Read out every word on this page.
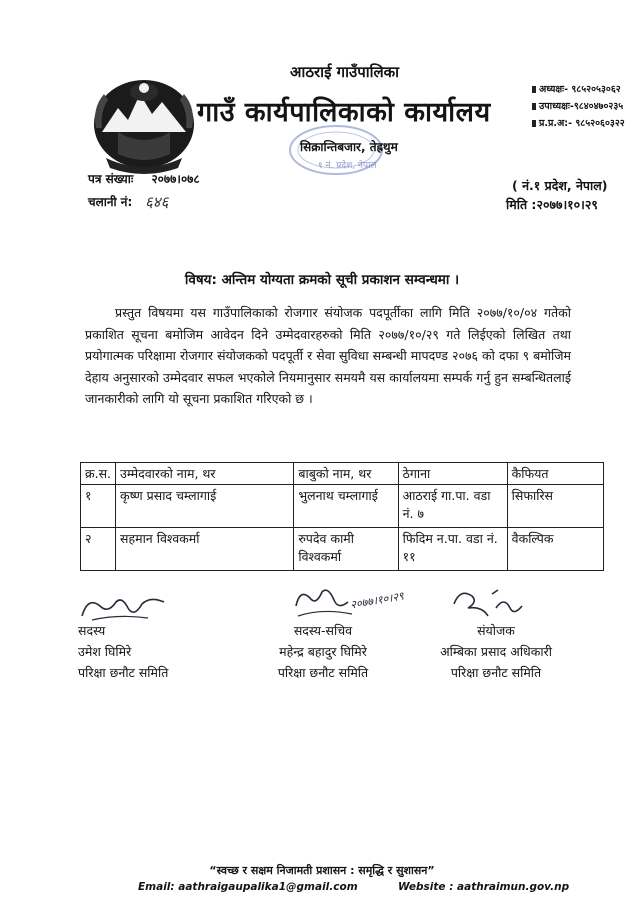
१ नं. प्रदेश, नेपाल
आठराई गाउँपालिका
गाउँ कार्यपालिकाको कार्यालय
सिक्रान्तिबजार, तेह्रथुम
अध्यक्षः- ९८५२०५३०६२
उपाध्यक्षः-९८४०४७०२३५
प्र.प्र.अ:- ९८५२०६०३२२
पत्र संख्याः २०७७।०७८
चलानी नं: ६४६
( नं.१ प्रदेश, नेपाल)
मिति :२०७७।१०।२९
विषय: अन्तिम योग्यता क्रमको सूची प्रकाशन सम्वन्धमा ।
प्रस्तुत विषयमा यस गाउँपालिकाको रोजगार संयोजक पदपूर्तीका लागि मिति २०७७/१०/०४ गतेको प्रकाशित सूचना बमोजिम आवेदन दिने उम्मेदवारहरुको मिति २०७७/१०/२९ गते लिईएको लिखित तथा प्रयोगात्मक परिक्षामा रोजगार संयोजकको पदपूर्ती र सेवा सुविधा सम्बन्धी मापदण्ड २०७६ को दफा ९ बमोजिम देहाय अनुसारको उम्मेदवार सफल भएकोले नियमानुसार समयमै यस कार्यालयमा सम्पर्क गर्नु हुन सम्बन्धितलाई जानकारीको लागि यो सूचना प्रकाशित गरिएको छ ।
क्र.स.	उम्मेदवारको नाम, थर	बाबुको नाम, थर	ठेगाना	कैफियत
१	कृष्ण प्रसाद चम्लागाई	भुलनाथ चम्लागाई	आठराई गा.पा. वडा नं. ७	सिफारिस
२	सहमान विश्वकर्मा	रुपदेव कामी विश्वकर्मा	फिदिम न.पा. वडा नं. ११	वैकल्पिक
२०७७।१०।२९
सदस्य
उमेश घिमिरे
परिक्षा छनौट समिति
सदस्य-सचिव
महेन्द्र बहादुर घिमिरे
परिक्षा छनौट समिति
संयोजक
अम्बिका प्रसाद अधिकारी
परिक्षा छनौट समिति
“स्वच्छ र सक्षम निजामती प्रशासन : समृद्धि र सुशासन”
Email: aathraigaupalika1@gmail.com	Website : aathraimun.gov.np
